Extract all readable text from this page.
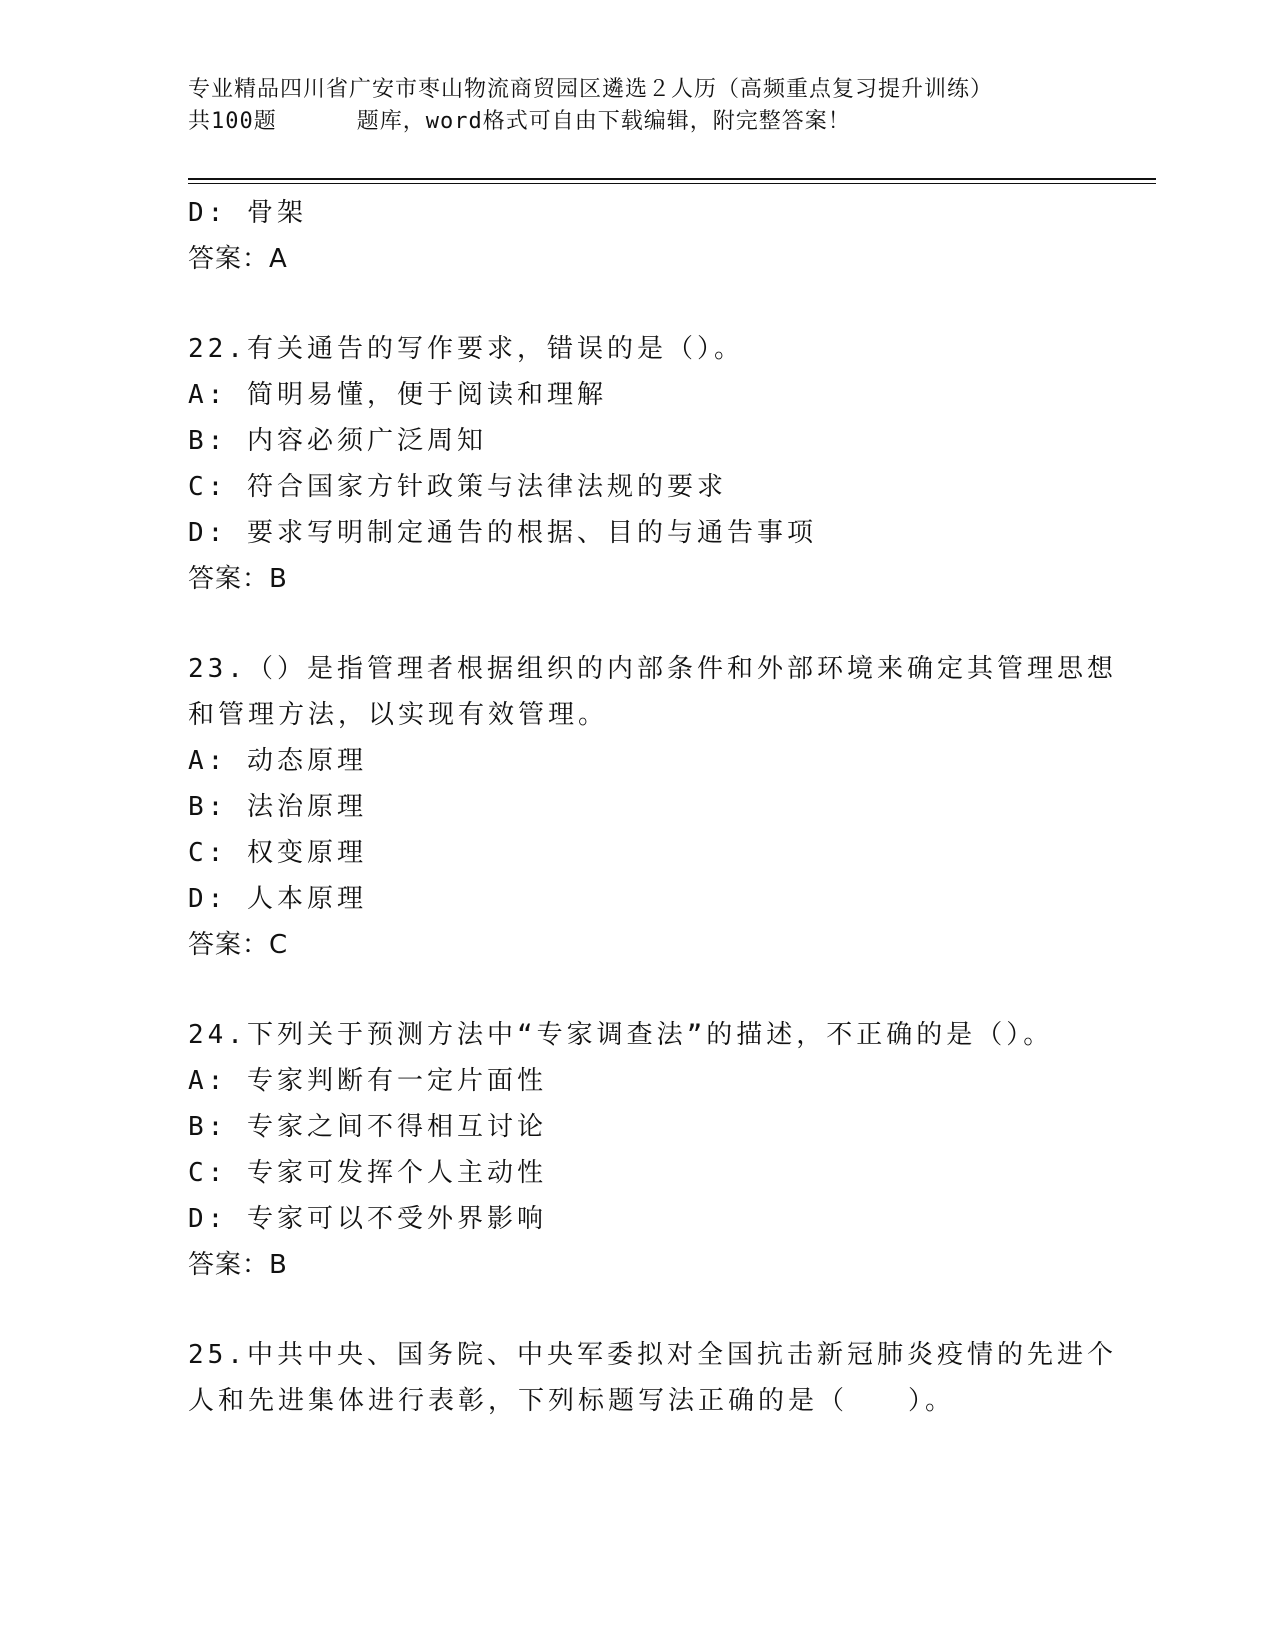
专业精品四川省广安市枣山物流商贸园区遴选２人历（高频重点复习提升训练）
共100题	题库，word格式可自由下载编辑，附完整答案！
D: 骨架
答案：A
22.有关通告的写作要求，错误的是（）。
A: 简明易懂，便于阅读和理解
B: 内容必须广泛周知
C: 符合国家方针政策与法律法规的要求
D: 要求写明制定通告的根据、目的与通告事项
答案：B
23.（）是指管理者根据组织的内部条件和外部环境来确定其管理思想
和管理方法，以实现有效管理。
A: 动态原理
B: 法治原理
C: 权变原理
D: 人本原理
答案：C
24.下列关于预测方法中“专家调查法”的描述，不正确的是（）。
A: 专家判断有一定片面性
B: 专家之间不得相互讨论
C: 专家可发挥个人主动性
D: 专家可以不受外界影响
答案：B
25.中共中央、国务院、中央军委拟对全国抗击新冠肺炎疫情的先进个
人和先进集体进行表彰，下列标题写法正确的是（　　）。
